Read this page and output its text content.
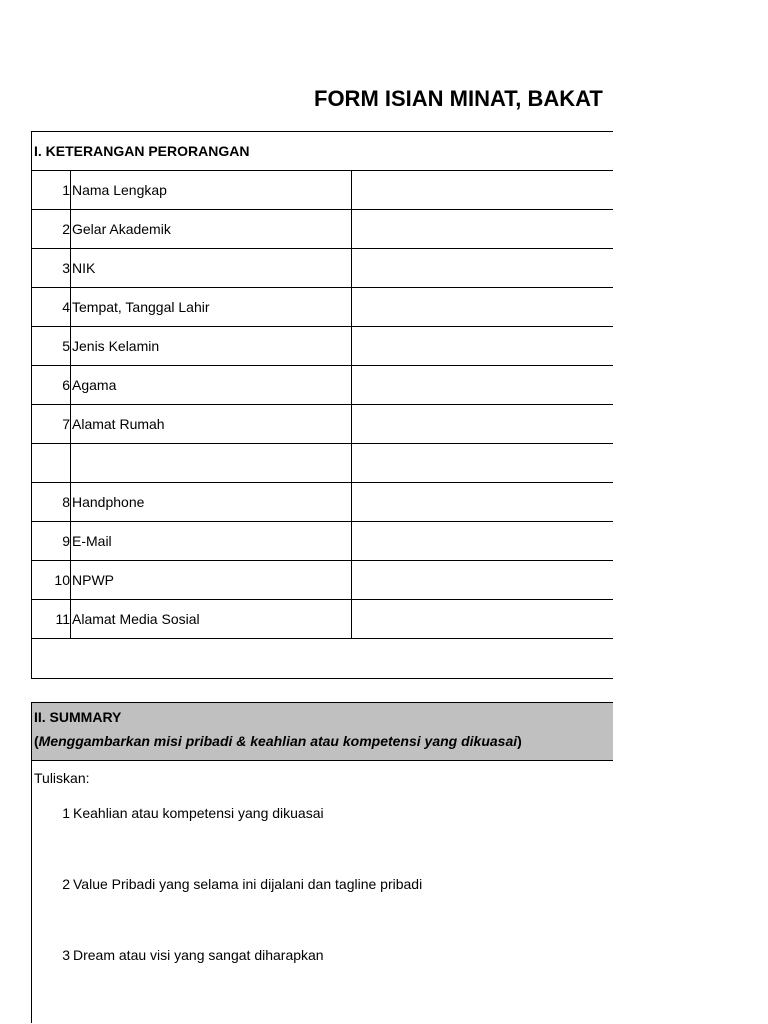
FORM ISIAN MINAT, BAKAT
I. KETERANGAN PERORANGAN
1 Nama Lengkap
2 Gelar Akademik
3 NIK
4 Tempat, Tanggal Lahir
5 Jenis Kelamin
6 Agama
7 Alamat Rumah
8 Handphone
9 E-Mail
10 NPWP
11 Alamat Media Sosial
II. SUMMARY
(Menggambarkan misi pribadi & keahlian atau kompetensi yang dikuasai)
Tuliskan:
1 Keahlian atau kompetensi yang dikuasai
2 Value Pribadi yang selama ini dijalani dan tagline pribadi
3 Dream atau visi yang sangat diharapkan
